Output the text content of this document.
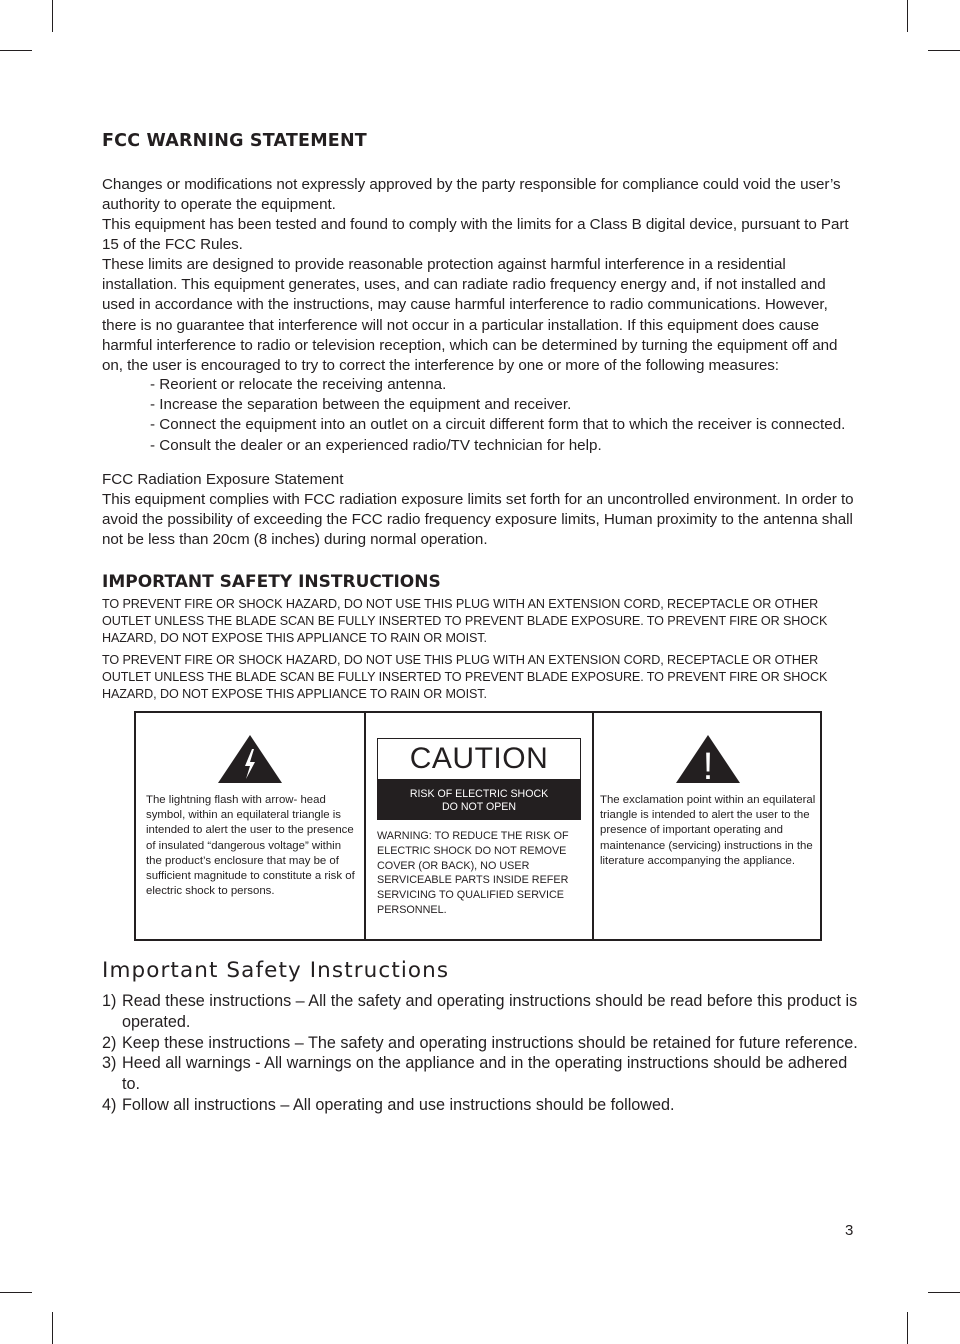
FCC WARNING STATEMENT

Changes or modifications not expressly approved by the party responsible for compliance could void the user’s authority to operate the equipment.

This equipment has been tested and found to comply with the limits for a Class B digital device, pursuant to Part 15 of the FCC Rules.

These limits are designed to provide reasonable protection against harmful interference in a residential installation. This equipment generates, uses, and can radiate radio frequency energy and, if not installed and used in accordance with the instructions, may cause harmful interference to radio communications. However, there is no guarantee that interference will not occur in a particular installation. If this equipment does cause harmful interference to radio or television reception, which can be determined by turning the equipment off and on, the user is encouraged to try to correct the interference by one or more of the following measures:

- Reorient or relocate the receiving antenna.
- Increase the separation between the equipment and receiver.
- Connect the equipment into an outlet on a circuit different form that to which the receiver is connected.
- Consult the dealer or an experienced radio/TV technician for help.

FCC Radiation Exposure Statement

This equipment complies with FCC radiation exposure limits set forth for an uncontrolled environment. In order to avoid the possibility of exceeding the FCC radio frequency exposure limits, Human proximity to the antenna shall not be less than 20cm (8 inches) during normal operation.

IMPORTANT SAFETY INSTRUCTIONS

TO PREVENT FIRE OR SHOCK HAZARD, DO NOT USE THIS PLUG WITH AN EXTENSION CORD, RECEPTACLE OR OTHER OUTLET UNLESS THE BLADE SCAN BE FULLY INSERTED TO PREVENT BLADE EXPOSURE. TO PREVENT FIRE OR SHOCK HAZARD, DO NOT EXPOSE THIS APPLIANCE TO RAIN OR MOIST.

TO PREVENT FIRE OR SHOCK HAZARD, DO NOT USE THIS PLUG WITH AN EXTENSION CORD, RECEPTACLE OR OTHER OUTLET UNLESS THE BLADE SCAN BE FULLY INSERTED TO PREVENT BLADE EXPOSURE. TO PREVENT FIRE OR SHOCK HAZARD, DO NOT EXPOSE THIS APPLIANCE TO RAIN OR MOIST.

The lightning flash with arrow- head symbol, within an equilateral triangle is intended to alert the user to the presence of insulated “dangerous voltage” within the product’s enclosure that may be of sufficient magnitude to constitute a risk of electric shock to persons.

CAUTION
RISK OF ELECTRIC SHOCK
DO NOT OPEN

WARNING: TO REDUCE THE RISK OF ELECTRIC SHOCK DO NOT REMOVE COVER (OR BACK), NO USER SERVICEABLE PARTS INSIDE REFER SERVICING TO QUALIFIED SERVICE PERSONNEL.

!

The exclamation point within an equilateral triangle is intended to alert the user to the presence of important operating and maintenance (servicing) instructions in the literature accompanying the appliance.

Important Safety Instructions
1) Read these instructions – All the safety and operating instructions should be read before this product is operated.
2) Keep these instructions – The safety and operating instructions should be retained for future reference.
3) Heed all warnings - All warnings on the appliance and in the operating instructions should be adhered to.
4) Follow all instructions – All operating and use instructions should be followed.

3
